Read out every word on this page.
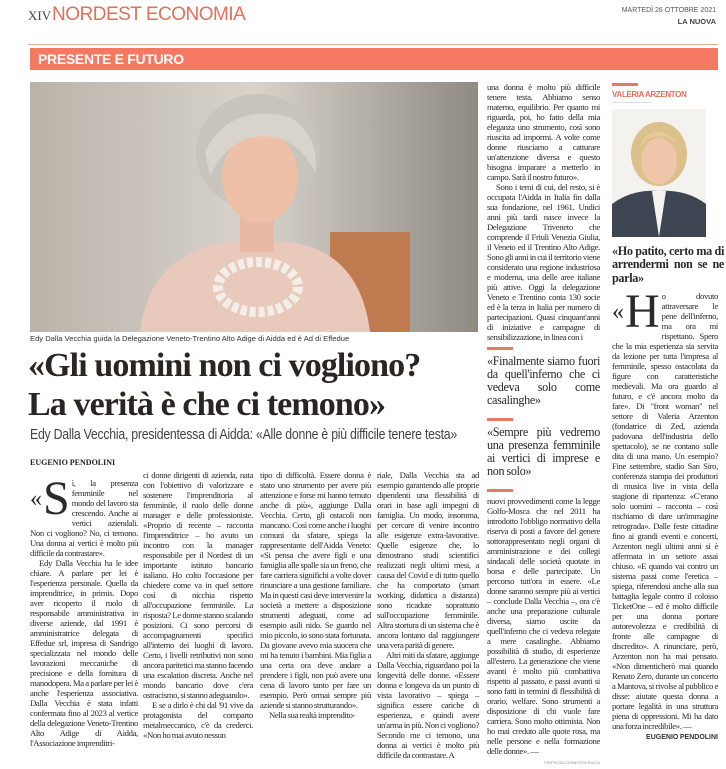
XIV NORDEST ECONOMIA	MARTEDÌ 26 OTTOBRE 2021
LA NUOVA
PRESENTE E FUTURO
Edy Dalla Vecchia guida la Delegazione Veneto-Trentino Alto Adige di Aidda ed è Ad di Effedue
«Gli uomini non ci vogliono?
La verità è che ci temono»
Edy Dalla Vecchia, presidentessa di Aidda: «Alle donne è più difficile tenere testa»
EUGENIO PENDOLINI

« S ì, la presenza femminile nel mondo del lavoro sta crescendo. Anche ai vertici aziendali. Non ci vogliono? No, ci temono. Una donna ai vertici è molto più difficile da contrastare».

Edy Dalla Vecchia ha le idee chiare. A parlare per lei è l'esperienza personale. Quella da imprenditrice, in primis. Dopo aver ricoperto il ruolo di responsabile amministrativa in diverse aziende, dal 1991 è amministratrice delegata di Effedue srl, impresa di Sandrigo specializzata nel mondo delle lavorazioni meccaniche di precisione e della fornitura di manodopera. Ma a parlare per lei è anche l'esperienza associativa. Dalla Vecchia è stata infatti confermata fino al 2023 al vertice della delegazione Veneto-Trentino Alto Adige di Aidda, l'Associazione imprenditri-

ci donne dirigenti di azienda, nata con l'obiettivo di valorizzare e sostenere l'imprenditoria al femminile, il ruolo delle donne manager e delle professioniste. «Proprio di recente – racconta l'imprenditrice – ho avuto un incontro con la manager responsabile per il Nordest di un importante istituto bancario italiano. Ho colto l'occasione per chiedere come va in quel settore così di nicchia rispetto all'occupazione femminile. La risposta? Le donne stanno scalando posizioni. Ci sono percorsi di accompagnamenti specifici all'interno dei luoghi di lavoro. Certo, i livelli retributivi non sono ancora paritetici ma stanno facendo una escalation discreta. Anche nel mondo bancario dove c'era ostracismo, si stanno adeguando».

E se a dirlo è chi dal '91 vive da protagonista del comparto metalmeccanico, c'è da crederci. «Non ho mai avuto nessun

tipo di difficoltà. Essere donna è stato uno strumento per avere più attenzione e forse mi hanno temuto anche di più», aggiunge Dalla Vecchia. Certo, gli ostacoli non mancano. Così come anche i luoghi comuni da sfatare, spiega la rappresentante dell'Aidda Veneto: «Si pensa che avere figli e una famiglia alle spalle sia un freno, che fare carriera significhi a volte dover rinunciare a una gestione familiare. Ma in questi casi deve intervenire la società a mettere a disposizione strumenti adeguati, come ad esempio asili nido. Se guardo nel mio piccolo, io sono stata fortunata. Da giovane avevo mia suocera che mi ha tenuto i bambini. Mia figlia a una certa ora deve andare a prendere i figli, non può avere una cena di lavoro tanto per fare un esempio. Però ormai sempre più aziende si stanno strutturando».

Nella sua realtà imprendito-

riale, Dalla Vecchia sta ad esempio garantendo alle proprie dipendenti una flessibilità di orari in base agli impegni di famiglia. Un modo, insomma, per cercare di venire incontro alle esigenze extra-lavorative. Quelle esigenze che, lo dimostrano studi scientifici realizzati negli ultimi mesi, a causa del Covid e di tutto quello che ha comportato (smart working, didattica a distanza) sono ricadute soprattutto sull'occupazione femminile. Altra stortura di un sistema che è ancora lontano dal raggiungere una vera parità di genere.

Altri miti da sfatare, aggiunge Dalla Vecchia, riguardano poi la longevità delle donne. «Essere donna e longeva da un punto di vista lavorativo – spiega – significa essere cariche di esperienza, e quindi avere un'arma in più. Non ci vogliono? Secondo me ci temono, una donna ai vertici è molto più difficile da contrastare. A

una donna è molto più difficile tenere testa. Abbiamo senso materno, equilibrio. Per quanto mi riguarda, poi, ho fatto della mia eleganza uno strumento, così sono riuscita ad impormi. A volte come donne riusciamo a catturare un'attenzione diversa e questo bisogna imparare a metterlo in campo. Sarà il nostro futuro».

Sono i temi di cui, del resto, si è occupata l'Aidda in Italia fin dalla sua fondazione, nel 1961. Undici anni più tardi nasce invece la Delegazione Triveneto che comprende il Friuli Venezia Giulia, il Veneto ed il Trentino Alto Adige. Sono gli anni in cui il territorio viene considerato una regione industriosa e moderna, una delle aree italiane più attive. Oggi la delegazione Veneto e Trentino conta 130 socie ed è la terza in Italia per numero di partecipazioni. Quasi cinquant'anni di iniziative e campagne di sensibilizzazione, in linea con i

«Finalmente siamo fuori da quell'inferno che ci vedeva solo come casalinghe»
«Sempre più vedremo una presenza femminile ai vertici di imprese e non solo»

nuovi provvedimenti come la legge Golfo-Mosca che nel 2011 ha introdotto l'obbligo normativo della riserva di posti a favore del genere sottorappresentato negli organi di amministrazione e dei collegi sindacali delle società quotate in borsa e delle partecipate. Un percorso tutt'ora in essere. «Le donne saranno sempre più ai vertici – conclude Dalla Vecchia –, ora c'è anche una preparazione culturale diversa, siamo uscite da quell'inferno che ci vedeva relegate a mere casalinghe. Abbiamo possibilità di studio, di esperienze all'estero. La generazione che viene avanti è molto più combattiva rispetto al passato, e passi avanti si sono fatti in termini di flessibilità di orario, welfare. Sono strumenti a disposizione di chi vuole fare carriera. Sono molto ottimista. Non ho mai creduto alle quote rosa, ma nelle persone e nella formazione delle donne». —

©RIPRODUZIONE RISERVATA
VALERIA ARZENTON
«Ho patito, certo ma di arrendermi non se ne parla»

« H o dovuto attraversare le pene dell'inferno, ma ora mi rispettano. Spero che la mia esperienza sia servita da lezione per tutta l'impresa al femminile, spesso ostacolata da figure con caratteristiche medievali. Ma ora guardo al futuro, e c'è ancora molto da fare». Di "front woman" nel settore di Valeria Arzenton (fondatrice di Zed, azienda padovana dell'industria dello spettacolo), se ne contano sulle dita di una mano. Un esempio? Fine settembre, stadio San Siro, conferenza stampa dei produttori di musica live in vista della stagione di ripartenza: «C'erano solo uomini – racconta – così rischiamo di dare un'immagine retrograda». Dalle feste cittadine fino ai grandi eventi e concerti, Arzenton negli ultimi anni si è affermata in un settore assai chiuso. «E quando vai contro un sistema passi come l'eretica – spiega, riferendosi anche alla sua battaglia legale contro il colosso TicketOne – ed è molto difficile per una donna portare autorevolezza e credibilità di fronte alle campagne di discredito». A rinunciare, però, Arzenton non ha mai pensato. «Non dimenticherò mai quando Renato Zero, durante un concerto a Mantova, si rivolse al pubblico e disse: aiutate questa donna a portare legalità in una struttura piena di oppressioni. Mi ha dato una forza incredibile». —

EUGENIO PENDOLINI
